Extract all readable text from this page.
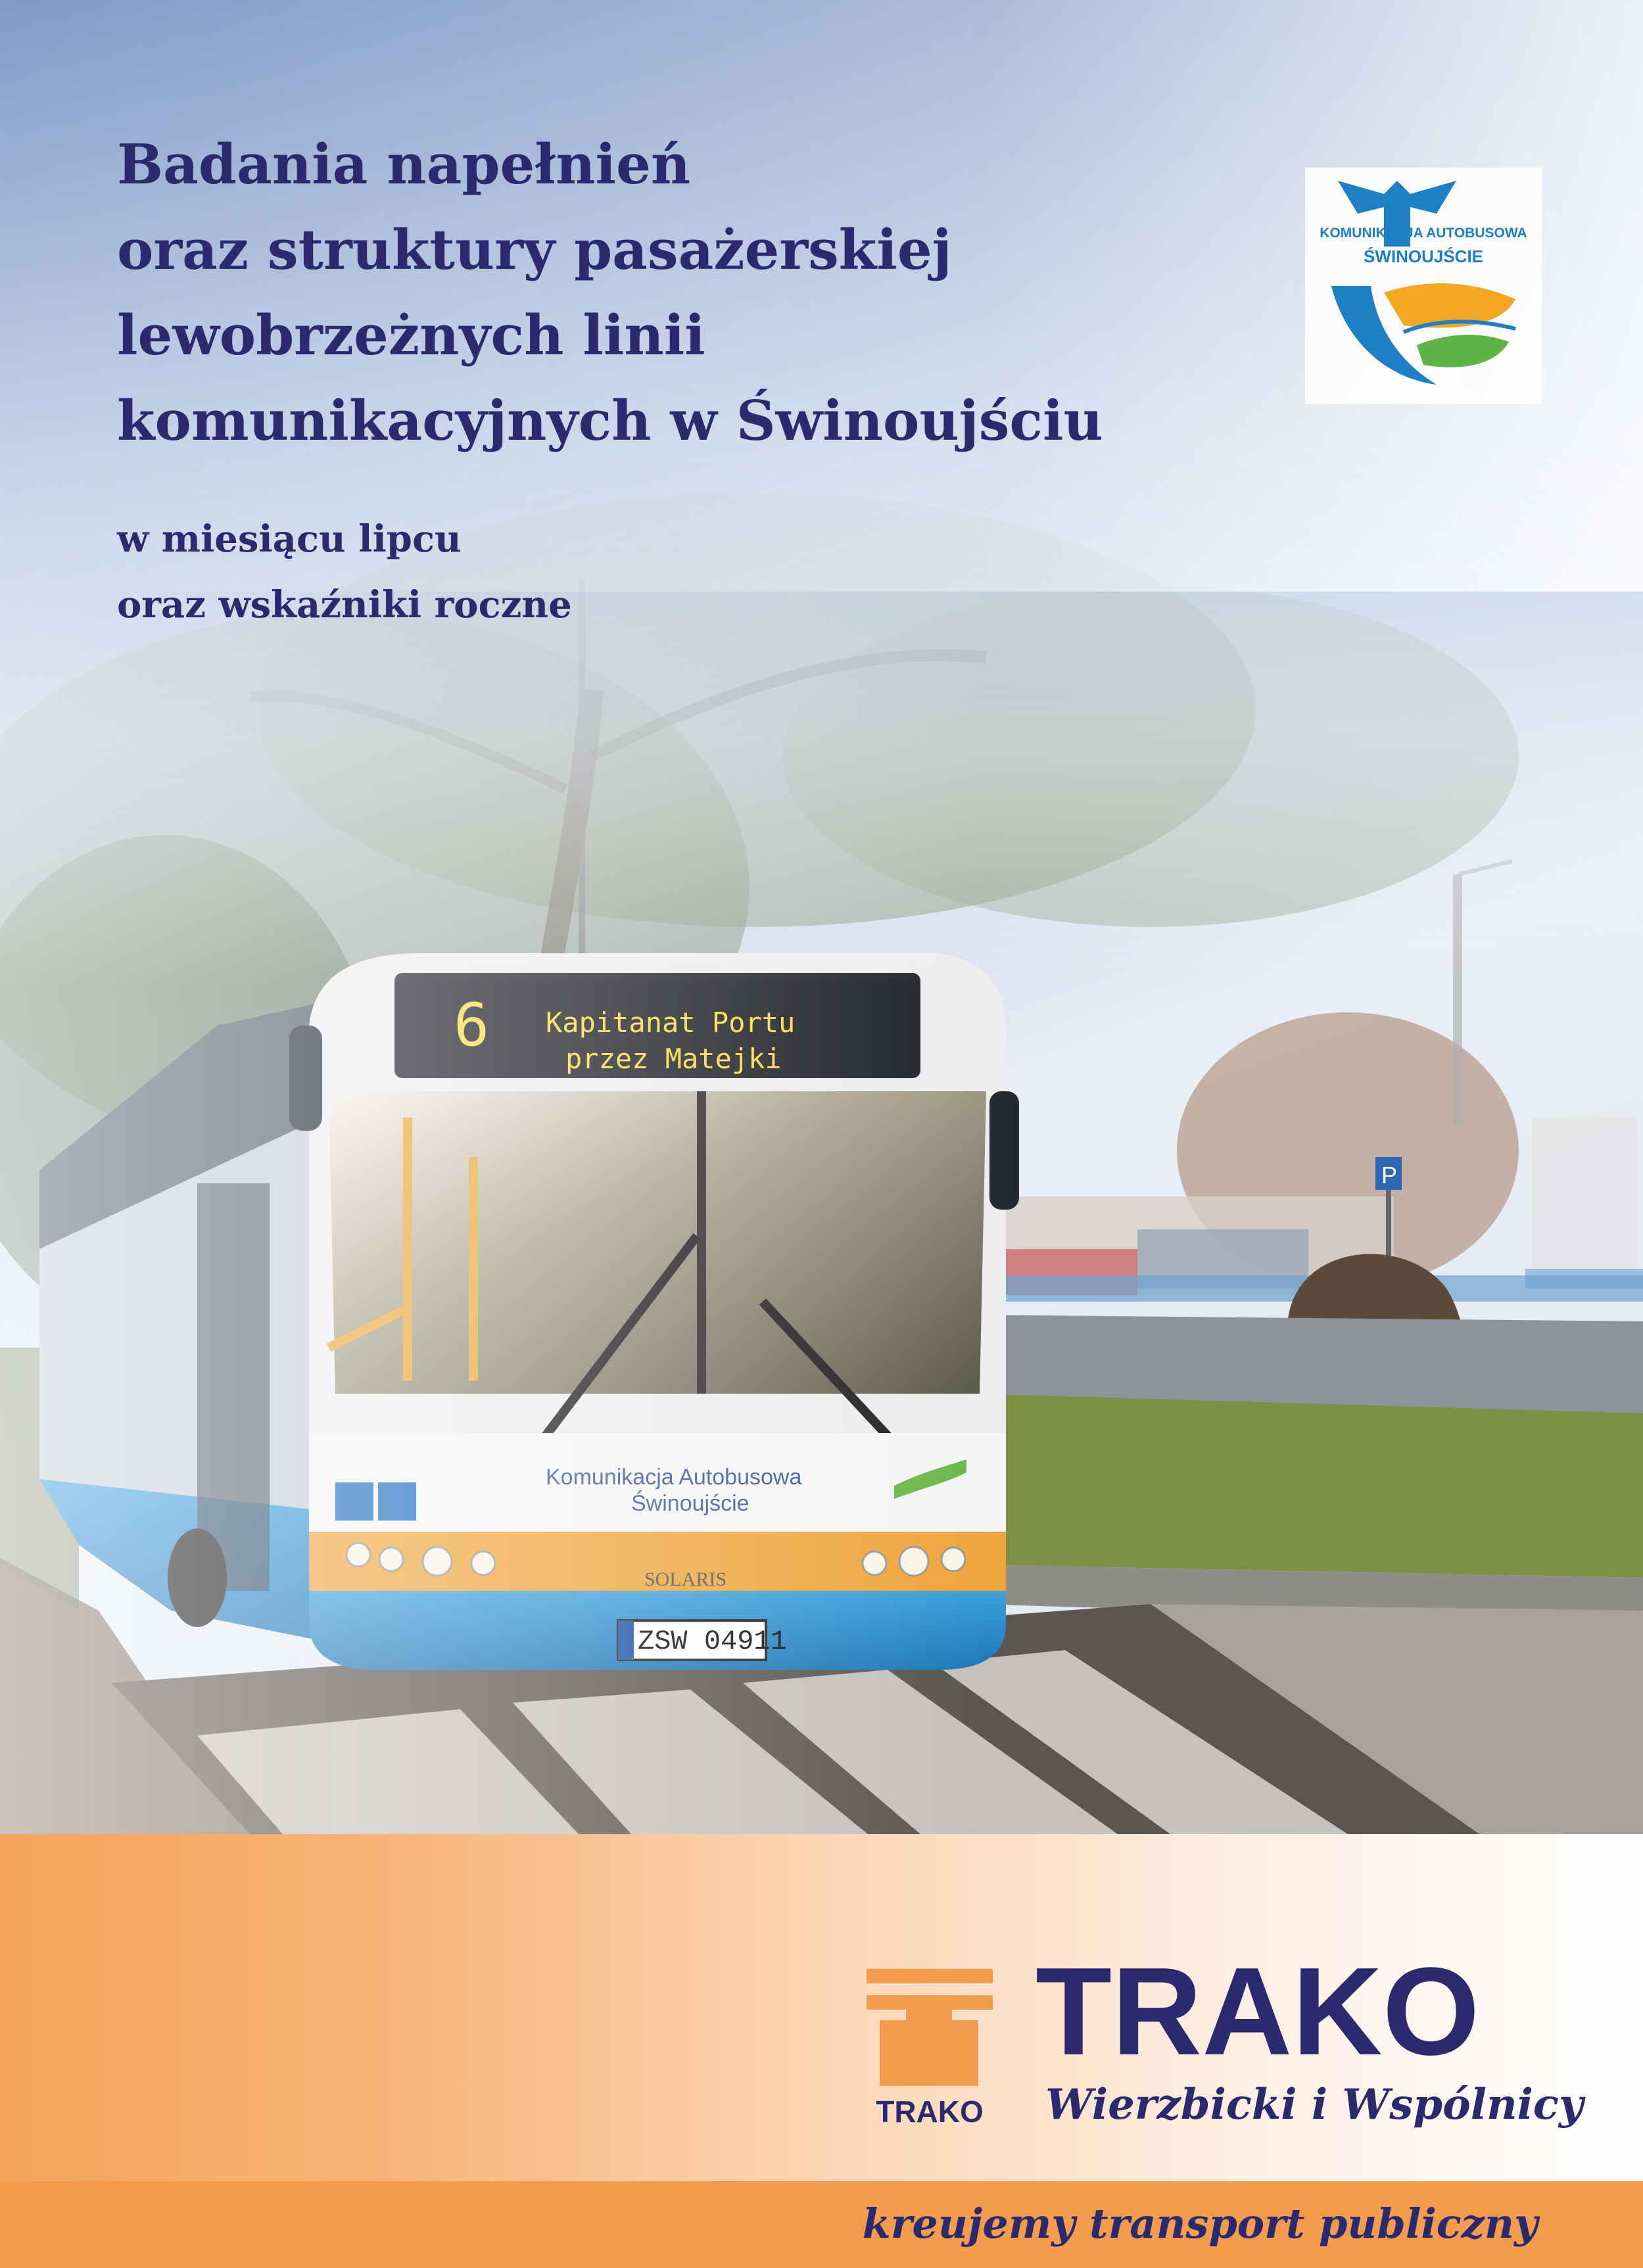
Badania napełnień
oraz struktury pasażerskiej
lewobrzeżnych linii
komunikacyjnych w Świnoujściu
w miesiącu lipcu
oraz wskaźniki roczne
KOMUNIKACJA AUTOBUSOWA
ŚWINOUJŚCIE
TRAKO
TRAKO

Wierzbicki i Wspólnicy

kreujemy transport publiczny
